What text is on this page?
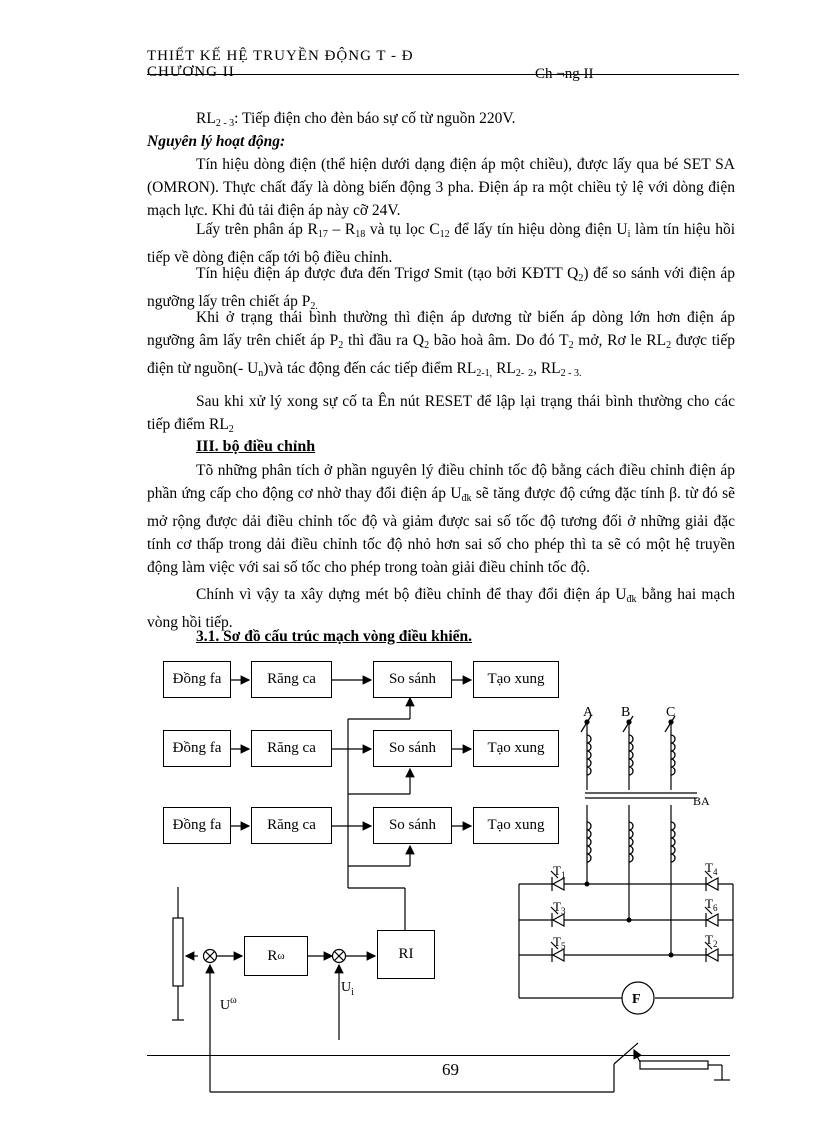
THIẾT KẾ HỆ TRUYỀN ĐỘNG T - Đ
CHƯƠNG II	Ch ¬ng II
$RL_{2 - 3}$: Tiếp điện cho đèn báo sự cố từ nguồn 220V.
Nguyên lý hoạt động:
Tín hiệu dòng điện (thể hiện dưới dạng điện áp một chiều), được lấy qua bé SET SA (OMRON). Thực chất đấy là dòng biến động 3 pha. Điện áp ra một chiều tỷ lệ với dòng điện mạch lực. Khi đủ tải điện áp này cỡ 24V.
Lấy trên phân áp $R_{17} - R_{18}$ và tụ lọc $C_{12}$ để lấy tín hiệu dòng điện $U_i$ làm tín hiệu hồi tiếp về dòng điện cấp tới bộ điều chỉnh.
Tín hiệu điện áp được đưa đến Trigơ Smit (tạo bởi KĐTT $Q_2$) để so sánh với điện áp ngưỡng lấy trên chiết áp $P_{2.}$
Khi ở trạng thái bình thường thì điện áp dương từ biến áp dòng lớn hơn điện áp ngưỡng âm lấy trên chiết áp $P_2$ thì đầu ra $Q_2$ bão hoà âm. Do đó $T_2$ mở, Rơ le $RL_2$ được tiếp điện từ nguồn(- $U_n)và$ tác động đến các tiếp điểm $RL_{2-1,}$ $RL_{2-}$ $_2$, $RL_{2 - 3.}$
Sau khi xử lý xong sự cố ta Ên nút RESET để lập lại trạng thái bình thường cho các tiếp điểm $RL_2$
III. bộ điều chỉnh
Tõ những phân tích ở phần nguyên lý điều chỉnh tốc độ bằng cách điều chỉnh điện áp phần ứng cấp cho động cơ nhờ thay đổi điện áp $U_{đk}$ sẽ tăng được độ cứng đặc tính β. từ đó sẽ mở rộng được dải điều chỉnh tốc độ và giảm được sai số tốc độ tương đối ở những giải đặc tính cơ thấp trong dải điều chỉnh tốc độ nhỏ hơn sai số cho phép thì ta sẽ có một hệ truyền động làm việc với sai số tốc cho phép trong toàn giải điều chỉnh tốc độ.
Chính vì vậy ta xây dựng mét bộ điều chỉnh để thay đổi điện áp $U_{đk}$ bằng hai mạch vòng hồi tiếp.
3.1. Sơ đồ cấu trúc mạch vòng điều khiển.
Đồng fa	Răng ca	So sánh	Tạo xung
Đồng fa	Răng ca	So sánh	Tạo xung
Đồng fa	Răng ca	So sánh	Tạo xung
R ω	RI
A B	C
BA
$T_1$
$T_3$
$T_5$
$T_4$
$T_6$
$T_2$
F
$U^\omega$
$U_i$
69
